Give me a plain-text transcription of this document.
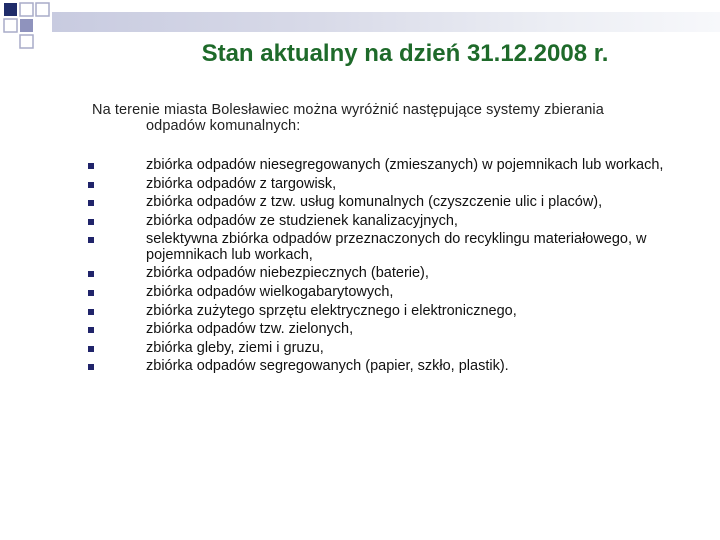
Stan aktualny na dzień 31.12.2008 r.
Na terenie miasta Bolesławiec można wyróżnić następujące systemy zbierania
odpadów komunalnych:
zbiórka odpadów niesegregowanych (zmieszanych) w pojemnikach lub workach,
zbiórka odpadów z targowisk,
zbiórka odpadów z tzw. usług komunalnych (czyszczenie ulic i placów),
zbiórka odpadów ze studzienek kanalizacyjnych,
selektywna zbiórka odpadów przeznaczonych do recyklingu materiałowego, w pojemnikach lub workach,
zbiórka odpadów niebezpiecznych (baterie),
zbiórka odpadów wielkogabarytowych,
zbiórka zużytego sprzętu elektrycznego i elektronicznego,
zbiórka odpadów tzw. zielonych,
zbiórka gleby, ziemi i gruzu,
zbiórka odpadów segregowanych (papier, szkło, plastik).
